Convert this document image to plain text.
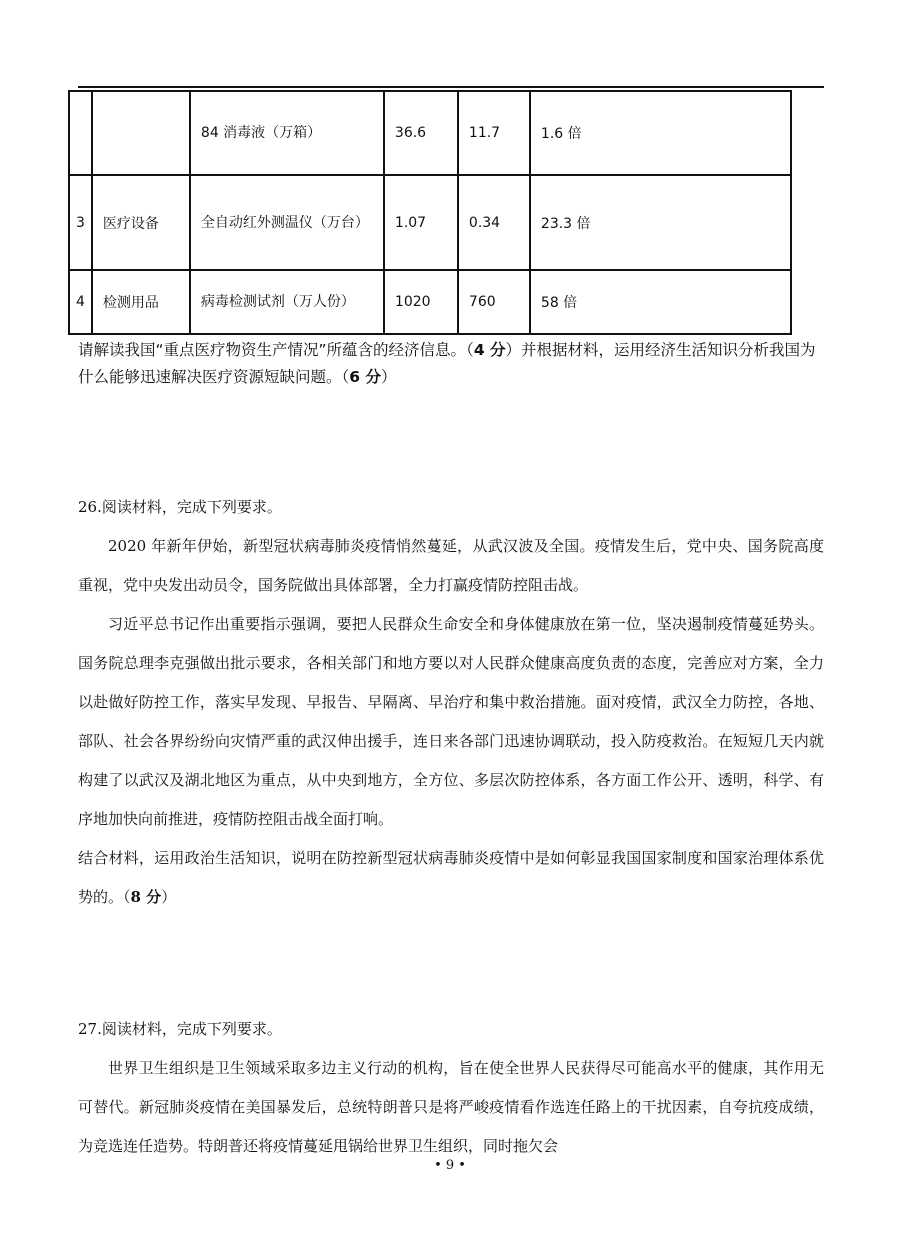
		84 消毒液（万箱）	36.6	11.7	1.6 倍
3	医疗设备	全自动红外测温仪（万台）	1.07	0.34	23.3 倍
4	检测用品	病毒检测试剂（万人份）	1020	760	58 倍
请解读我国“重点医疗物资生产情况”所蕴含的经济信息。（4 分）并根据材料，运用经济生活知识分析我国为什么能够迅速解决医疗资源短缺问题。（6 分）

26.阅读材料，完成下列要求。

2020 年新年伊始，新型冠状病毒肺炎疫情悄然蔓延，从武汉波及全国。疫情发生后，党中央、国务院高度重视，党中央发出动员令，国务院做出具体部署，全力打赢疫情防控阻击战。

习近平总书记作出重要指示强调，要把人民群众生命安全和身体健康放在第一位，坚决遏制疫情蔓延势头。国务院总理李克强做出批示要求，各相关部门和地方要以对人民群众健康高度负责的态度，完善应对方案，全力以赴做好防控工作，落实早发现、早报告、早隔离、早治疗和集中救治措施。面对疫情，武汉全力防控，各地、部队、社会各界纷纷向灾情严重的武汉伸出援手，连日来各部门迅速协调联动，投入防疫救治。在短短几天内就构建了以武汉及湖北地区为重点，从中央到地方，全方位、多层次防控体系，各方面工作公开、透明，科学、有序地加快向前推进，疫情防控阻击战全面打响。

结合材料，运用政治生活知识，说明在防控新型冠状病毒肺炎疫情中是如何彰显我国国家制度和国家治理体系优势的。（8 分）

27.阅读材料，完成下列要求。

世界卫生组织是卫生领域采取多边主义行动的机构，旨在使全世界人民获得尽可能高水平的健康，其作用无可替代。新冠肺炎疫情在美国暴发后，总统特朗普只是将严峻疫情看作选连任路上的干扰因素，自夸抗疫成绩，为竞选连任造势。特朗普还将疫情蔓延甩锅给世界卫生组织，同时拖欠会

• 9 •
